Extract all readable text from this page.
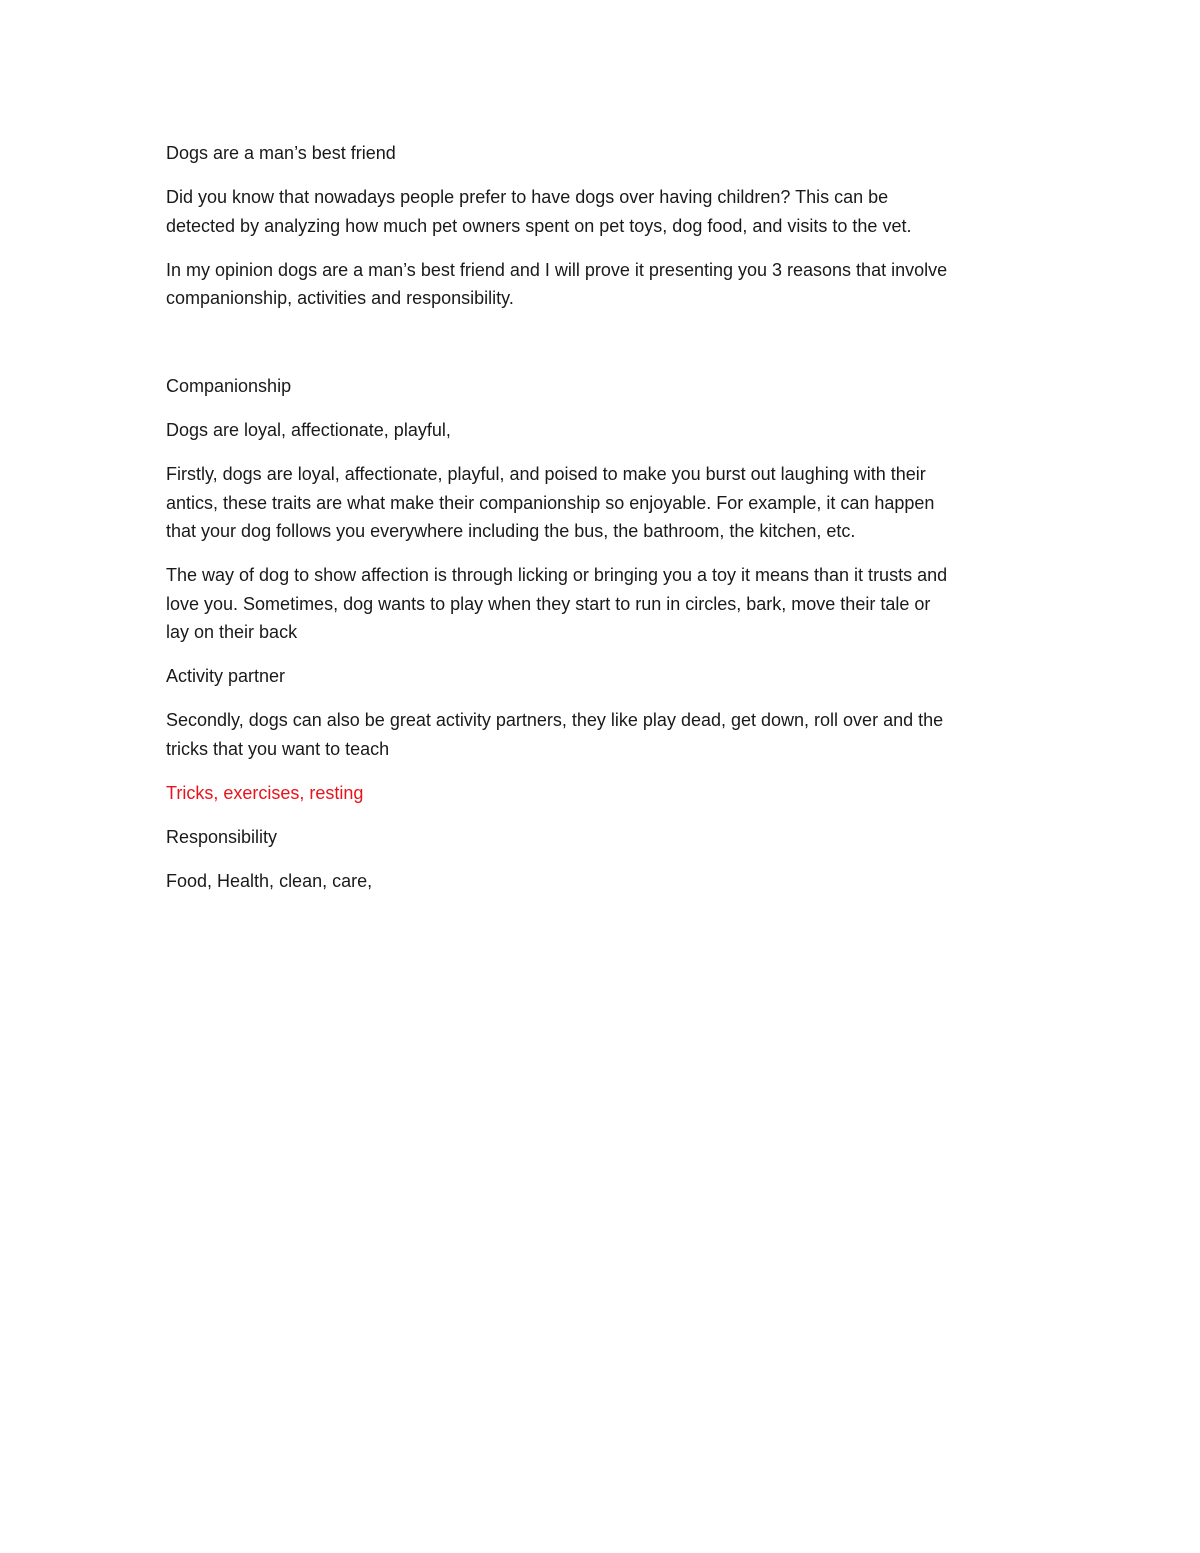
Dogs are a man’s best friend

Did you know that nowadays people prefer to have dogs over having children? This can be
detected by analyzing how much pet owners spent on pet toys, dog food, and visits to the vet.

In my opinion dogs are a man’s best friend and I will prove it presenting you 3 reasons that involve
companionship, activities and responsibility.

Companionship

Dogs are loyal, affectionate, playful,

Firstly, dogs are loyal, affectionate, playful, and poised to make you burst out laughing with their
antics, these traits are what make their companionship so enjoyable. For example, it can happen
that your dog follows you everywhere including the bus, the bathroom, the kitchen, etc.

The way of dog to show affection is through licking or bringing you a toy it means than it trusts and
love you. Sometimes, dog wants to play when they start to run in circles, bark, move their tale or
lay on their back

Activity partner

Secondly, dogs can also be great activity partners, they like play dead, get down, roll over and the
tricks that you want to teach

Tricks, exercises, resting

Responsibility

Food, Health, clean, care,
